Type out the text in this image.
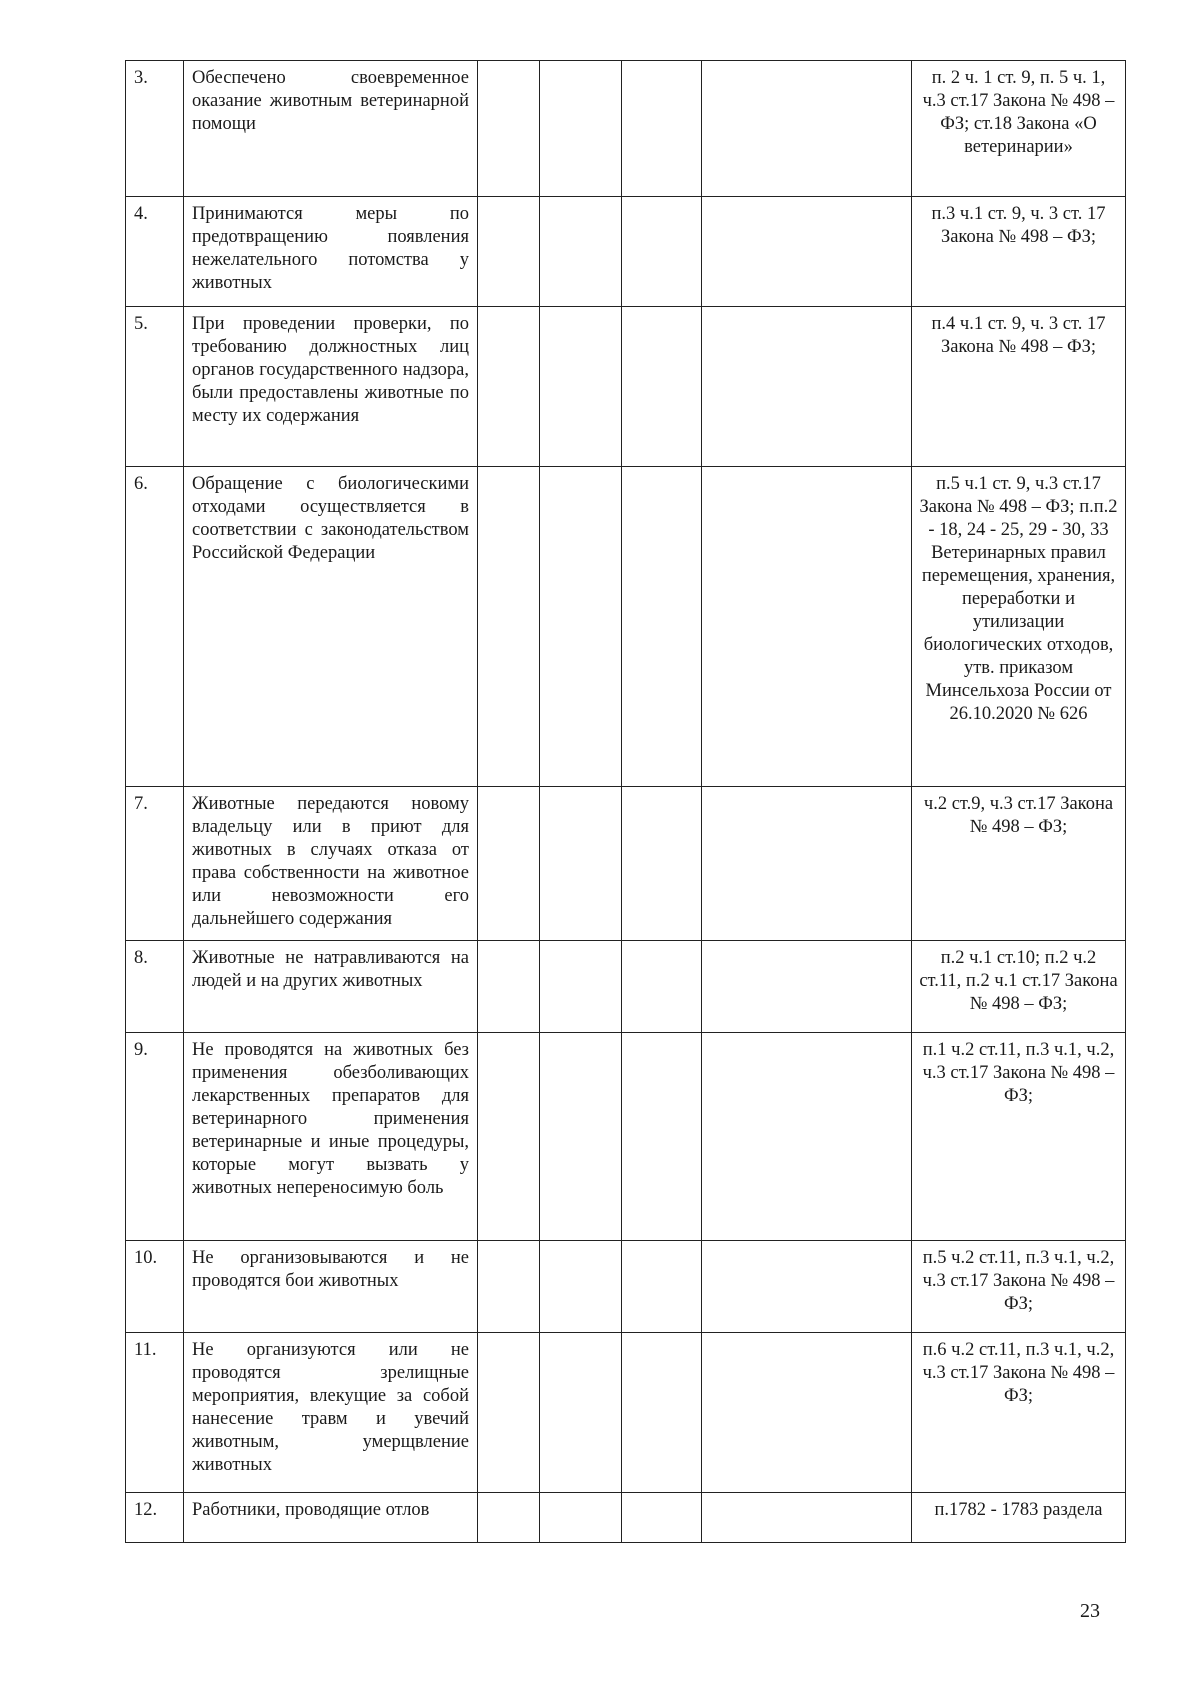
3.	Обеспечено своевременное оказание животным ветеринарной помощи					п. 2 ч. 1 ст. 9, п. 5 ч. 1, ч.3 ст.17 Закона № 498 – ФЗ; ст.18 Закона «О ветеринарии»
4.	Принимаются меры по предотвращению появления нежелательного потомства у животных					п.3 ч.1 ст. 9, ч. 3 ст. 17 Закона № 498 – ФЗ;
5.	При проведении проверки, по требованию должностных лиц органов государственного надзора, были предоставлены животные по месту их содержания					п.4 ч.1 ст. 9, ч. 3 ст. 17 Закона № 498 – ФЗ;
6.	Обращение с биологическими отходами осуществляется в соответствии с законодательством Российской Федерации					п.5 ч.1 ст. 9, ч.3 ст.17 Закона № 498 – ФЗ; п.п.2 - 18, 24 - 25, 29 - 30, 33 Ветеринарных правил перемещения, хранения, переработки и утилизации биологических отходов, утв. приказом Минсельхоза России от 26.10.2020 № 626
7.	Животные передаются новому владельцу или в приют для животных в случаях отказа от права собственности на животное или невозможности его дальнейшего содержания					ч.2 ст.9, ч.3 ст.17 Закона № 498 – ФЗ;
8.	Животные не натравливаются на людей и на других животных					п.2 ч.1 ст.10; п.2 ч.2 ст.11, п.2 ч.1 ст.17 Закона № 498 – ФЗ;
9.	Не проводятся на животных без применения обезболивающих лекарственных препаратов для ветеринарного применения ветеринарные и иные процедуры, которые могут вызвать у животных непереносимую боль					п.1 ч.2 ст.11, п.3 ч.1, ч.2, ч.3 ст.17 Закона № 498 – ФЗ;
10.	Не организовываются и не проводятся бои животных					п.5 ч.2 ст.11, п.3 ч.1, ч.2, ч.3 ст.17 Закона № 498 – ФЗ;
11.	Не организуются или не проводятся зрелищные мероприятия, влекущие за собой нанесение травм и увечий животным, умерщвление животных					п.6 ч.2 ст.11, п.3 ч.1, ч.2, ч.3 ст.17 Закона № 498 – ФЗ;
12.	Работники, проводящие отлов					п.1782 - 1783 раздела
23
